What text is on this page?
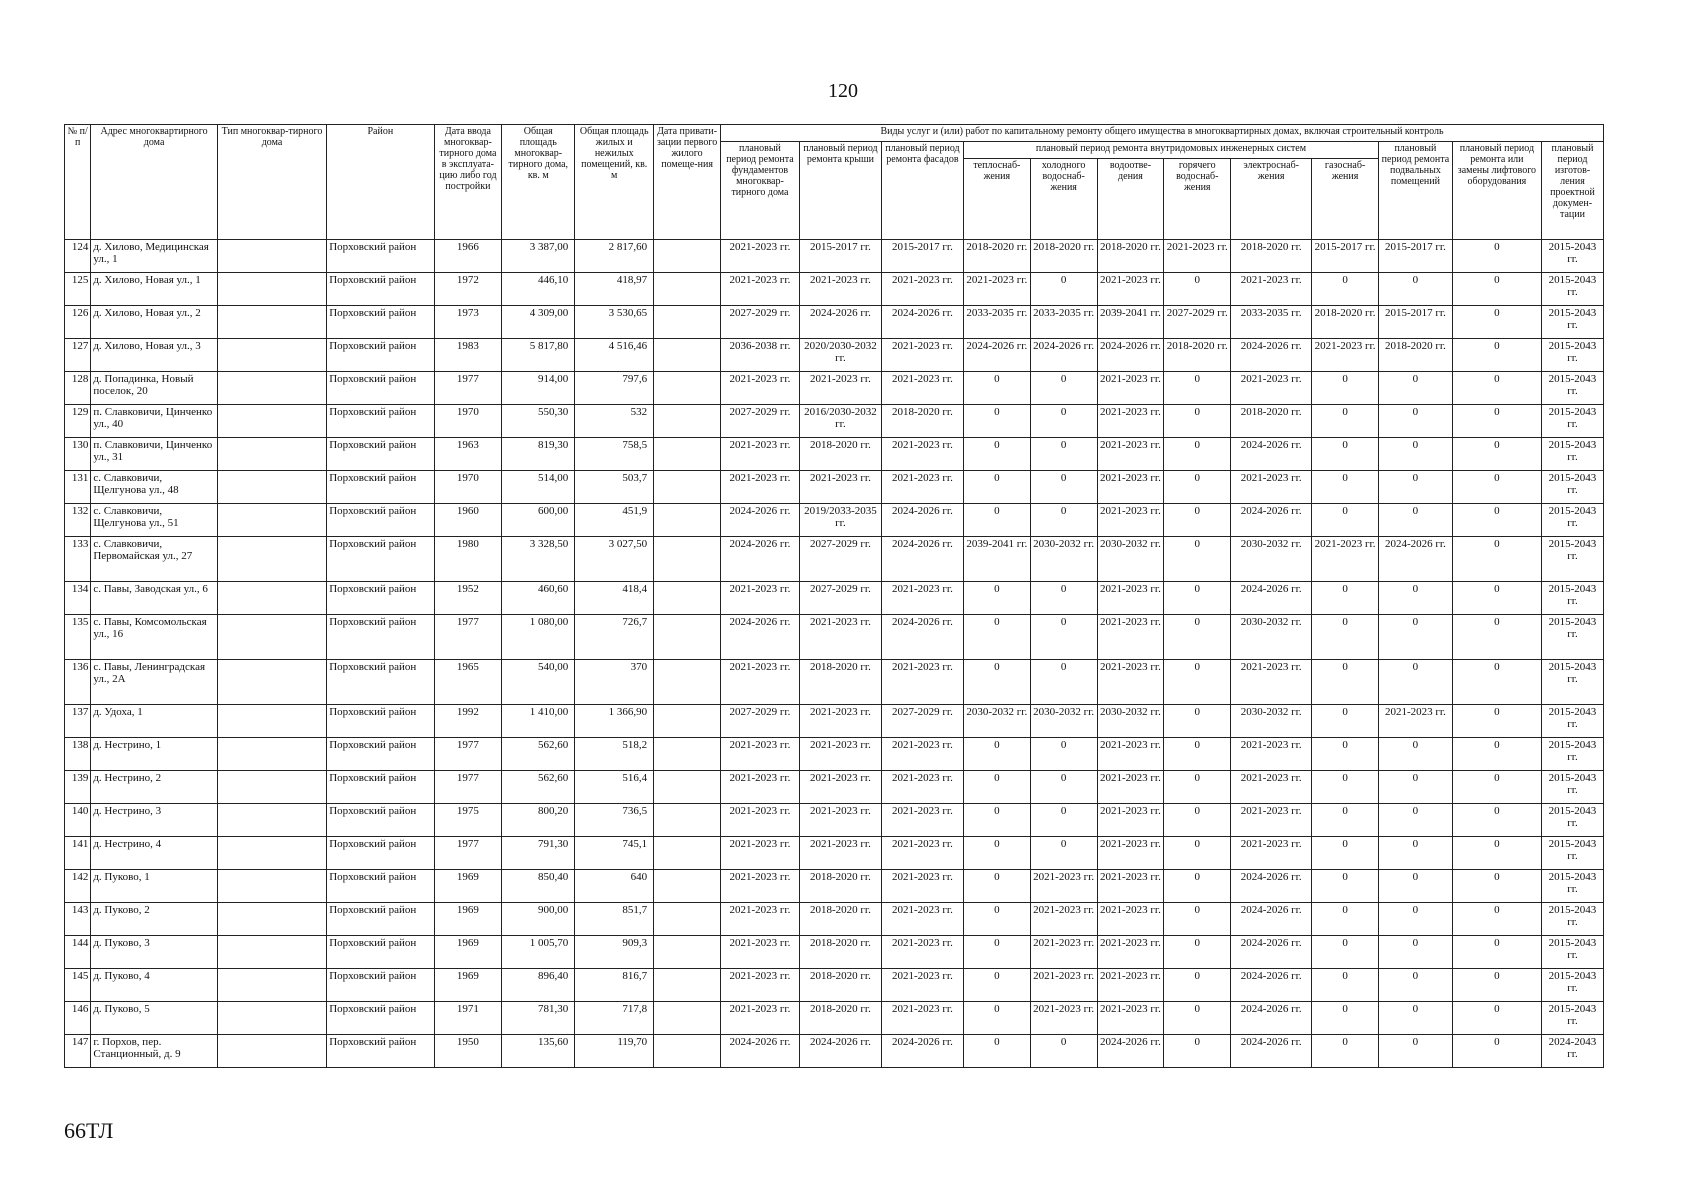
120
№ п/п	Адрес многоквартирного дома	Тип многоквар-тирного дома	Район	Дата ввода многоквар-тирного дома в эксплуата-цию либо год постройки	Общая площадь многоквар-тирного дома, кв. м	Общая площадь жилых и нежилых помещений, кв. м	Дата привати-зации первого жилого помеще-ния	Виды услуг и (или) работ по капитальному ремонту общего имущества в многоквартирных домах, включая строительный контроль											
								плановый период ремонта фундаментов многоквар-тирного дома	плановый период ремонта крыши	плановый период ремонта фасадов	плановый период ремонта внутридомовых инженерных систем						плановый период ремонта подвальных помещений	плановый период ремонта или замены лифтового оборудования	плановый период изготов-ления проектной докумен-тации
											теплоснаб-жения	холодного водоснаб-жения	водоотве-дения	горячего водоснаб-жения	электроснаб-жения	газоснаб-жения			
124	д. Хилово, Медицинская ул., 1		Порховский район	1966	3 387,00	2 817,60		2021-2023 гг.	2015-2017 гг.	2015-2017 гг.	2018-2020 гг.	2018-2020 гг.	2018-2020 гг.	2021-2023 гг.	2018-2020 гг.	2015-2017 гг.	2015-2017 гг.	0	2015-2043 гг.
125	д. Хилово, Новая ул., 1		Порховский район	1972	446,10	418,97		2021-2023 гг.	2021-2023 гг.	2021-2023 гг.	2021-2023 гг.	0	2021-2023 гг.	0	2021-2023 гг.	0	0	0	2015-2043 гг.
126	д. Хилово, Новая ул., 2		Порховский район	1973	4 309,00	3 530,65		2027-2029 гг.	2024-2026 гг.	2024-2026 гг.	2033-2035 гг.	2033-2035 гг.	2039-2041 гг.	2027-2029 гг.	2033-2035 гг.	2018-2020 гг.	2015-2017 гг.	0	2015-2043 гг.
127	д. Хилово, Новая ул., 3		Порховский район	1983	5 817,80	4 516,46		2036-2038 гг.	2020/2030-2032 гг.	2021-2023 гг.	2024-2026 гг.	2024-2026 гг.	2024-2026 гг.	2018-2020 гг.	2024-2026 гг.	2021-2023 гг.	2018-2020 гг.	0	2015-2043 гг.
128	д. Попадинка, Новый поселок, 20		Порховский район	1977	914,00	797,6		2021-2023 гг.	2021-2023 гг.	2021-2023 гг.	0	0	2021-2023 гг.	0	2021-2023 гг.	0	0	0	2015-2043 гг.
129	п. Славковичи, Цинченко ул., 40		Порховский район	1970	550,30	532		2027-2029 гг.	2016/2030-2032 гг.	2018-2020 гг.	0	0	2021-2023 гг.	0	2018-2020 гг.	0	0	0	2015-2043 гг.
130	п. Славковичи, Цинченко ул., 31		Порховский район	1963	819,30	758,5		2021-2023 гг.	2018-2020 гг.	2021-2023 гг.	0	0	2021-2023 гг.	0	2024-2026 гг.	0	0	0	2015-2043 гг.
131	с. Славковичи, Щелгунова ул., 48		Порховский район	1970	514,00	503,7		2021-2023 гг.	2021-2023 гг.	2021-2023 гг.	0	0	2021-2023 гг.	0	2021-2023 гг.	0	0	0	2015-2043 гг.
132	с. Славковичи, Щелгунова ул., 51		Порховский район	1960	600,00	451,9		2024-2026 гг.	2019/2033-2035 гг.	2024-2026 гг.	0	0	2021-2023 гг.	0	2024-2026 гг.	0	0	0	2015-2043 гг.
133	с. Славковичи, Первомайская ул., 27		Порховский район	1980	3 328,50	3 027,50		2024-2026 гг.	2027-2029 гг.	2024-2026 гг.	2039-2041 гг.	2030-2032 гг.	2030-2032 гг.	0	2030-2032 гг.	2021-2023 гг.	2024-2026 гг.	0	2015-2043 гг.
134	с. Павы, Заводская ул., 6		Порховский район	1952	460,60	418,4		2021-2023 гг.	2027-2029 гг.	2021-2023 гг.	0	0	2021-2023 гг.	0	2024-2026 гг.	0	0	0	2015-2043 гг.
135	с. Павы, Комсомольская ул., 16		Порховский район	1977	1 080,00	726,7		2024-2026 гг.	2021-2023 гг.	2024-2026 гг.	0	0	2021-2023 гг.	0	2030-2032 гг.	0	0	0	2015-2043 гг.
136	с. Павы, Ленинградская ул., 2А		Порховский район	1965	540,00	370		2021-2023 гг.	2018-2020 гг.	2021-2023 гг.	0	0	2021-2023 гг.	0	2021-2023 гг.	0	0	0	2015-2043 гг.
137	д. Удоха, 1		Порховский район	1992	1 410,00	1 366,90		2027-2029 гг.	2021-2023 гг.	2027-2029 гг.	2030-2032 гг.	2030-2032 гг.	2030-2032 гг.	0	2030-2032 гг.	0	2021-2023 гг.	0	2015-2043 гг.
138	д. Нестрино, 1		Порховский район	1977	562,60	518,2		2021-2023 гг.	2021-2023 гг.	2021-2023 гг.	0	0	2021-2023 гг.	0	2021-2023 гг.	0	0	0	2015-2043 гг.
139	д. Нестрино, 2		Порховский район	1977	562,60	516,4		2021-2023 гг.	2021-2023 гг.	2021-2023 гг.	0	0	2021-2023 гг.	0	2021-2023 гг.	0	0	0	2015-2043 гг.
140	д. Нестрино, 3		Порховский район	1975	800,20	736,5		2021-2023 гг.	2021-2023 гг.	2021-2023 гг.	0	0	2021-2023 гг.	0	2021-2023 гг.	0	0	0	2015-2043 гг.
141	д. Нестрино, 4		Порховский район	1977	791,30	745,1		2021-2023 гг.	2021-2023 гг.	2021-2023 гг.	0	0	2021-2023 гг.	0	2021-2023 гг.	0	0	0	2015-2043 гг.
142	д. Пуково, 1		Порховский район	1969	850,40	640		2021-2023 гг.	2018-2020 гг.	2021-2023 гг.	0	2021-2023 гг.	2021-2023 гг.	0	2024-2026 гг.	0	0	0	2015-2043 гг.
143	д. Пуково, 2		Порховский район	1969	900,00	851,7		2021-2023 гг.	2018-2020 гг.	2021-2023 гг.	0	2021-2023 гг.	2021-2023 гг.	0	2024-2026 гг.	0	0	0	2015-2043 гг.
144	д. Пуково, 3		Порховский район	1969	1 005,70	909,3		2021-2023 гг.	2018-2020 гг.	2021-2023 гг.	0	2021-2023 гг.	2021-2023 гг.	0	2024-2026 гг.	0	0	0	2015-2043 гг.
145	д. Пуково, 4		Порховский район	1969	896,40	816,7		2021-2023 гг.	2018-2020 гг.	2021-2023 гг.	0	2021-2023 гг.	2021-2023 гг.	0	2024-2026 гг.	0	0	0	2015-2043 гг.
146	д. Пуково, 5		Порховский район	1971	781,30	717,8		2021-2023 гг.	2018-2020 гг.	2021-2023 гг.	0	2021-2023 гг.	2021-2023 гг.	0	2024-2026 гг.	0	0	0	2015-2043 гг.
147	г. Порхов, пер. Станционный, д. 9		Порховский район	1950	135,60	119,70		2024-2026 гг.	2024-2026 гг.	2024-2026 гг.	0	0	2024-2026 гг.	0	2024-2026 гг.	0	0	0	2024-2043 гг.
66ТЛ
